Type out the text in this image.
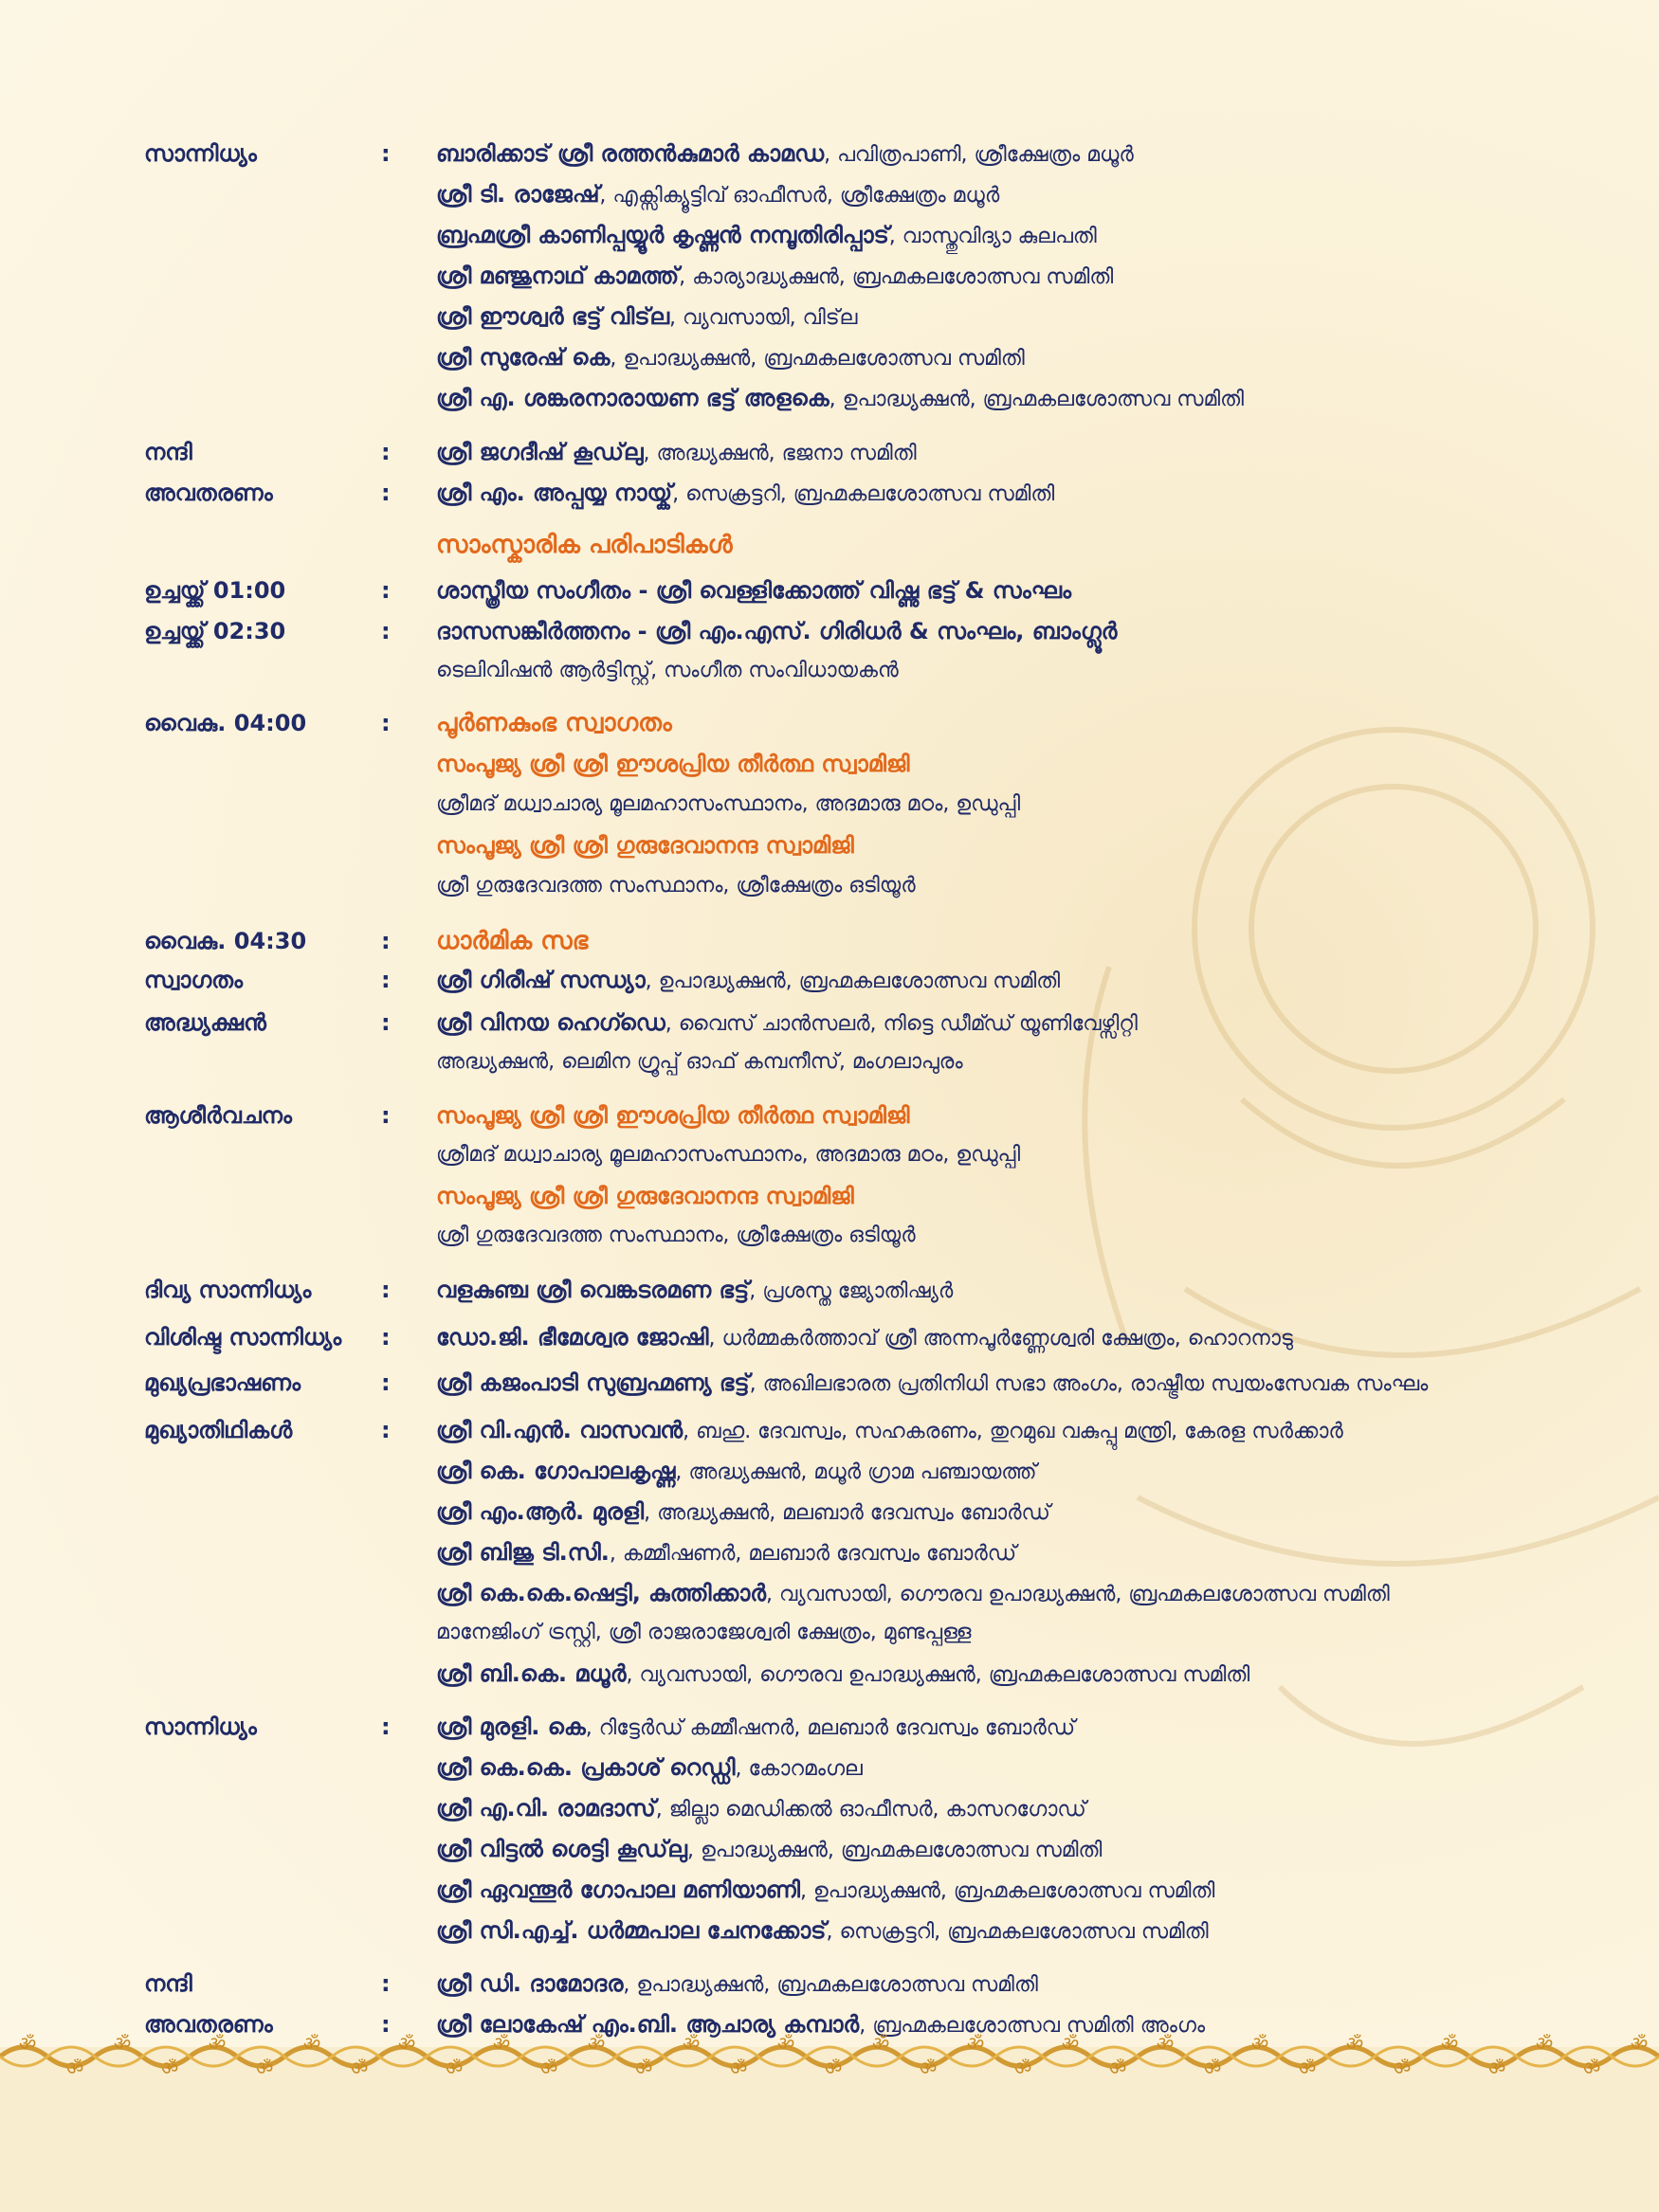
സാന്നിധ്യം	: ബാരിക്കാട് ശ്രീ രത്തൻകുമാർ കാമഡ, പവിത്രപാണി, ശ്രീക്ഷേത്രം മധൂർ
ശ്രീ ടി. രാജേഷ്, എക്സിക്യൂട്ടിവ് ഓഫീസർ, ശ്രീക്ഷേത്രം മധൂർ
ബ്രഹ്മശ്രീ കാണിപ്പയ്യൂർ കൃഷ്ണൻ നമ്പൂതിരിപ്പാട്, വാസ്തുവിദ്യാ കുലപതി
ശ്രീ മഞ്ജുനാഥ് കാമത്ത്, കാര്യാദ്ധ്യക്ഷൻ, ബ്രഹ്മകലശോത്സവ സമിതി
ശ്രീ ഈശ്വർ ഭട്ട് വിട്‌ല, വ്യവസായി, വിട്‌ല
ശ്രീ സുരേഷ് കെ, ഉപാദ്ധ്യക്ഷൻ, ബ്രഹ്മകലശോത്സവ സമിതി
ശ്രീ എ. ശങ്കരനാരായണ ഭട്ട് അളകെ, ഉപാദ്ധ്യക്ഷൻ, ബ്രഹ്മകലശോത്സവ സമിതി
നന്ദി	: ശ്രീ ജഗദീഷ് കൂഡ്‌ലു, അദ്ധ്യക്ഷൻ, ഭജനാ സമിതി
അവതരണം	: ശ്രീ എം. അപ്പയ്യ നായ്ക്, സെക്രട്ടറി, ബ്രഹ്മകലശോത്സവ സമിതി
സാംസ്കാരിക പരിപാടികൾ
ഉച്ചയ്ക്ക് 01:00	: ശാസ്ത്രീയ സംഗീതം - ശ്രീ വെള്ളിക്കോത്ത് വിഷ്ണു ഭട്ട് & സംഘം
ഉച്ചയ്ക്ക് 02:30	: ദാസസങ്കീർത്തനം - ശ്രീ എം.എസ്. ഗിരിധർ & സംഘം, ബാംഗ്ലൂർ
ടെലിവിഷൻ ആർട്ടിസ്റ്റ്, സംഗീത സംവിധായകൻ
വൈകു. 04:00	: പൂർണകുംഭ സ്വാഗതം
സംപൂജ്യ ശ്രീ ശ്രീ ഈശപ്രിയ തീർത്ഥ സ്വാമിജി
ശ്രീമദ് മധ്വാചാര്യ മൂലമഹാസംസ്ഥാനം, അദമാരു മഠം, ഉഡുപ്പി
സംപൂജ്യ ശ്രീ ശ്രീ ഗുരുദേവാനന്ദ സ്വാമിജി
ശ്രീ ഗുരുദേവദത്ത സംസ്ഥാനം, ശ്രീക്ഷേത്രം ഒടിയൂർ
വൈകു. 04:30	: ധാർമിക സഭ
സ്വാഗതം	: ശ്രീ ഗിരീഷ് സന്ധ്യാ, ഉപാദ്ധ്യക്ഷൻ, ബ്രഹ്മകലശോത്സവ സമിതി
അദ്ധ്യക്ഷൻ	: ശ്രീ വിനയ ഹെഗ്ഡെ, വൈസ് ചാൻസലർ, നിട്ടെ ഡീമ്ഡ് യൂണിവേഴ്സിറ്റി
അദ്ധ്യക്ഷൻ, ലെമിന ഗ്രൂപ്പ് ഓഫ് കമ്പനീസ്, മംഗലാപുരം
ആശീർവചനം	: സംപൂജ്യ ശ്രീ ശ്രീ ഈശപ്രിയ തീർത്ഥ സ്വാമിജി
ശ്രീമദ് മധ്വാചാര്യ മൂലമഹാസംസ്ഥാനം, അദമാരു മഠം, ഉഡുപ്പി
സംപൂജ്യ ശ്രീ ശ്രീ ഗുരുദേവാനന്ദ സ്വാമിജി
ശ്രീ ഗുരുദേവദത്ത സംസ്ഥാനം, ശ്രീക്ഷേത്രം ഒടിയൂർ
ദിവ്യ സാന്നിധ്യം	: വളകുഞ്ച ശ്രീ വെങ്കടരമണ ഭട്ട്, പ്രശസ്ത ജ്യോതിഷ്യർ
വിശിഷ്ട സാന്നിധ്യം : ഡോ.ജി. ഭീമേശ്വര ജോഷി, ധർമ്മകർത്താവ് ശ്രീ അന്നപൂർണ്ണേശ്വരി ക്ഷേത്രം, ഹൊറനാടു
മുഖ്യപ്രഭാഷണം	: ശ്രീ കജംപാടി സുബ്രഹ്മണ്യ ഭട്ട്, അഖിലഭാരത പ്രതിനിധി സഭാ അംഗം, രാഷ്ട്രീയ സ്വയംസേവക സംഘം
മുഖ്യാതിഥികൾ	: ശ്രീ വി.എൻ. വാസവൻ, ബഹു. ദേവസ്വം, സഹകരണം, തുറമുഖ വകുപ്പു മന്ത്രി, കേരള സർക്കാർ
ശ്രീ കെ. ഗോപാലകൃഷ്ണ, അദ്ധ്യക്ഷൻ, മധൂർ ഗ്രാമ പഞ്ചായത്ത്
ശ്രീ എം.ആർ. മുരളി, അദ്ധ്യക്ഷൻ, മലബാർ ദേവസ്വം ബോർഡ്
ശ്രീ ബിജു ടി.സി., കമ്മീഷണർ, മലബാർ ദേവസ്വം ബോർഡ്
ശ്രീ കെ.കെ.ഷെട്ടി, കുത്തിക്കാർ, വ്യവസായി, ഗൌരവ ഉപാദ്ധ്യക്ഷൻ, ബ്രഹ്മകലശോത്സവ സമിതി
മാനേജിംഗ് ട്രസ്റ്റി, ശ്രീ രാജരാജേശ്വരി ക്ഷേത്രം, മുണ്ടപ്പള്ള
ശ്രീ ബി.കെ. മധൂർ, വ്യവസായി, ഗൌരവ ഉപാദ്ധ്യക്ഷൻ, ബ്രഹ്മകലശോത്സവ സമിതി
സാന്നിധ്യം	: ശ്രീ മുരളി. കെ, റിട്ടേർഡ് കമ്മീഷനർ, മലബാർ ദേവസ്വം ബോർഡ്
ശ്രീ കെ.കെ. പ്രകാശ് റെഡ്ഡി, കോറമംഗല
ശ്രീ എ.വി. രാമദാസ്, ജില്ലാ മെഡിക്കൽ ഓഫീസർ, കാസറഗോഡ്
ശ്രീ വിട്ടൽ ശെട്ടി കൂഡ്‌ലു, ഉപാദ്ധ്യക്ഷൻ, ബ്രഹ്മകലശോത്സവ സമിതി
ശ്രീ ഏവന്തൂർ ഗോപാല മണിയാണി, ഉപാദ്ധ്യക്ഷൻ, ബ്രഹ്മകലശോത്സവ സമിതി
ശ്രീ സി.എച്ച്. ധർമ്മപാല ചേനക്കോട്, സെക്രട്ടറി, ബ്രഹ്മകലശോത്സവ സമിതി
നന്ദി	: ശ്രീ ഡി. ദാമോദര, ഉപാദ്ധ്യക്ഷൻ, ബ്രഹ്മകലശോത്സവ സമിതി
അവതരണം	: ശ്രീ ലോകേഷ് എം.ബി. ആചാര്യ കമ്പാർ, ബ്രഹ്മകലശോത്സവ സമിതി അംഗം
ॐ
ॐ
ॐ
ॐ
ॐ
ॐ
ॐ
ॐ
ॐ
ॐ
ॐ
ॐ
ॐ
ॐ
ॐ
ॐ
ॐ
ॐ
ॐ
ॐ
ॐ
ॐ
ॐ
ॐ
ॐ
ॐ
ॐ
ॐ
ॐ
ॐ
ॐ
ॐ
ॐ
ॐ
ॐ
